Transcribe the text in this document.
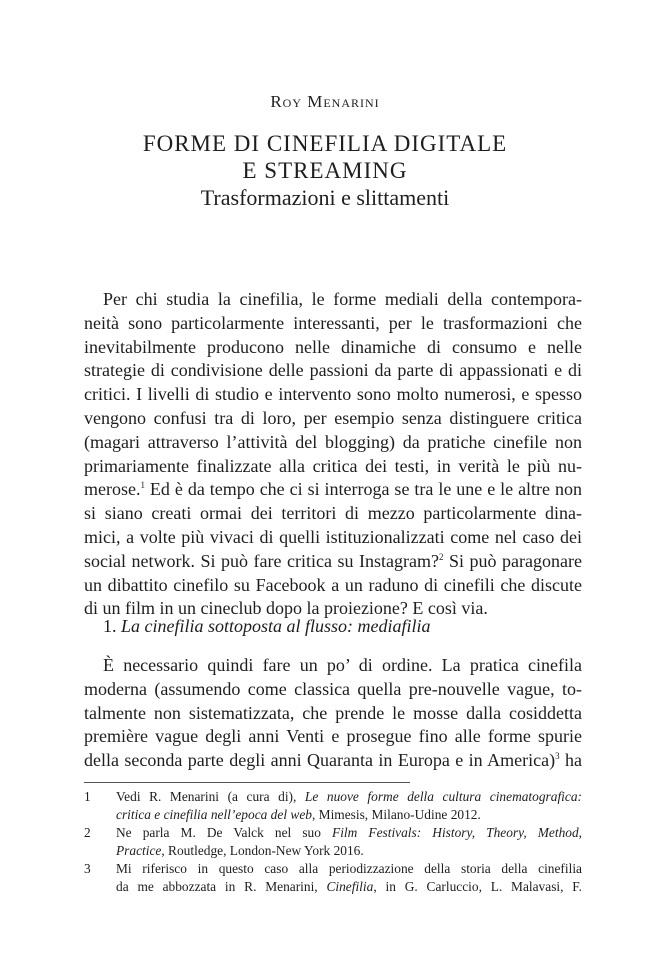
Roy Menarini
FORME DI CINEFILIA DIGITALE
E STREAMING
Trasformazioni e slittamenti
Per chi studia la cinefilia, le forme mediali della contempora-
neità sono particolarmente interessanti, per le trasformazioni che
inevitabilmente producono nelle dinamiche di consumo e nelle
strategie di condivisione delle passioni da parte di appassionati e di
critici. I livelli di studio e intervento sono molto numerosi, e spesso
vengono confusi tra di loro, per esempio senza distinguere critica
(magari attraverso l’attività del blogging) da pratiche cinefile non
primariamente finalizzate alla critica dei testi, in verità le più nu-
merose.$^1$ Ed è da tempo che ci si interroga se tra le une e le altre non
si siano creati ormai dei territori di mezzo particolarmente dina-
mici, a volte più vivaci di quelli istituzionalizzati come nel caso dei
social network. Si può fare critica su Instagram?$^2$ Si può paragonare
un dibattito cinefilo su Facebook a un raduno di cinefili che discute
di un film in un cineclub dopo la proiezione? E così via.
1. La cinefilia sottoposta al flusso: mediafilia
È necessario quindi fare un po’ di ordine. La pratica cinefila
moderna (assumendo come classica quella pre-nouvelle vague, to-
talmente non sistematizzata, che prende le mosse dalla cosiddetta
première vague degli anni Venti e prosegue fino alle forme spurie
della seconda parte degli anni Quaranta in Europa e in America)$^3$ ha
1	Vedi R. Menarini (a cura di), Le nuove forme della cultura cinematografica:
critica e cinefilia nell’epoca del web, Mimesis, Milano-Udine 2012.
2	Ne parla M. De Valck nel suo Film Festivals: History, Theory, Method,
Practice, Routledge, London-New York 2016.
3	Mi riferisco in questo caso alla periodizzazione della storia della cinefilia
da me abbozzata in R. Menarini, Cinefilia, in G. Carluccio, L. Malavasi, F.
